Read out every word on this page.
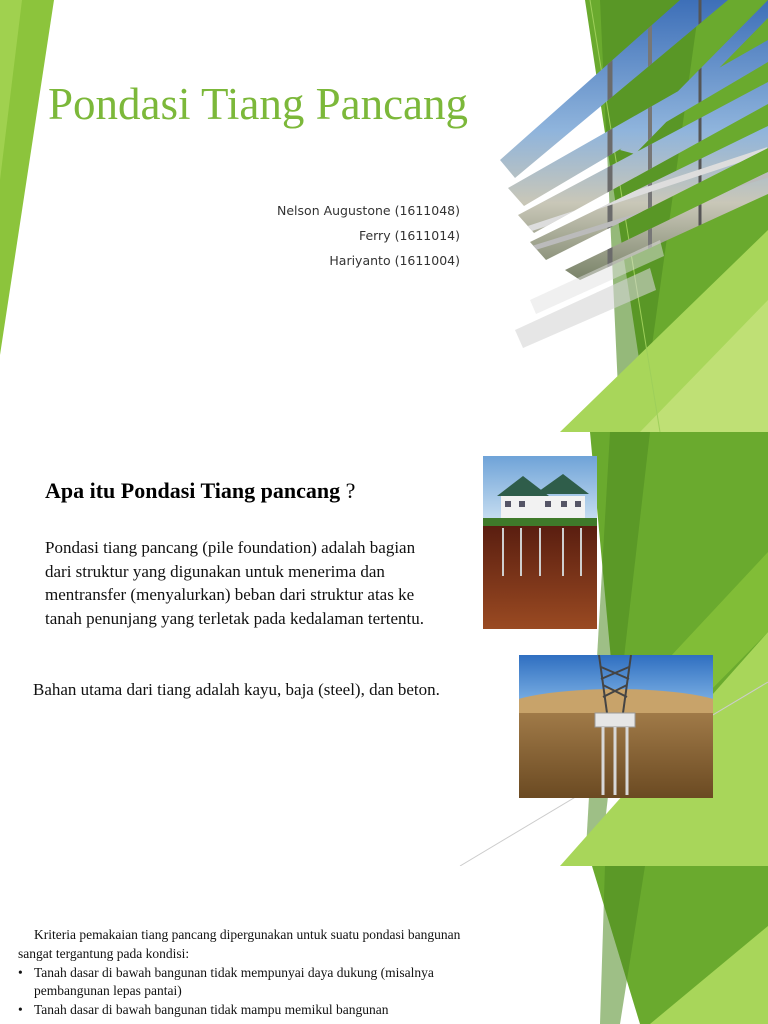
Pondasi Tiang Pancang
Nelson Augustone (1611048)
Ferry (1611014)
Hariyanto (1611004)
Apa itu Pondasi Tiang pancang ?

Pondasi tiang pancang (pile foundation) adalah bagian dari struktur yang digunakan untuk menerima dan mentransfer (menyalurkan) beban dari struktur atas ke tanah penunjang yang terletak pada kedalaman tertentu.

Bahan utama dari tiang adalah kayu, baja (steel), dan beton.

Kriteria pemakaian tiang pancang dipergunakan untuk suatu pondasi bangunan sangat tergantung pada kondisi:

• Tanah dasar di bawah bangunan tidak mempunyai daya dukung (misalnya pembangunan lepas pantai)
• Tanah dasar di bawah bangunan tidak mampu memikul bangunan
